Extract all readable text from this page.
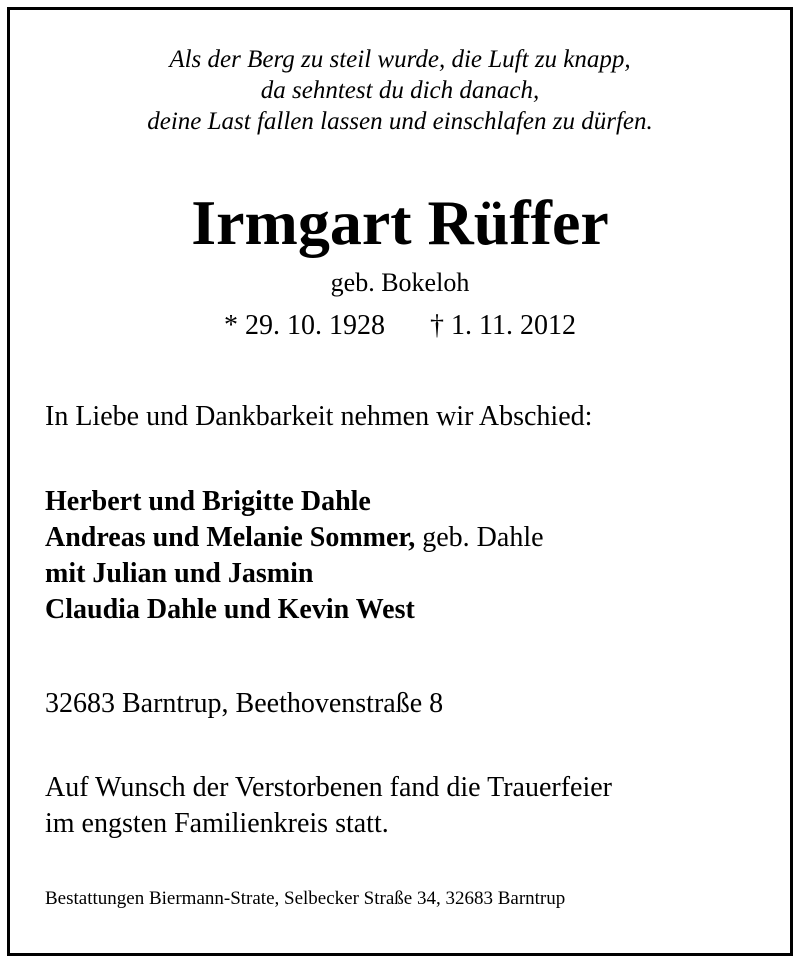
Als der Berg zu steil wurde, die Luft zu knapp,
da sehntest du dich danach,
deine Last fallen lassen und einschlafen zu dürfen.
Irmgart Rüffer
geb. Bokeloh
* 29. 10. 1928 † 1. 11. 2012
In Liebe und Dankbarkeit nehmen wir Abschied:
Herbert und Brigitte Dahle
Andreas und Melanie Sommer, geb. Dahle
mit Julian und Jasmin
Claudia Dahle und Kevin West
32683 Barntrup, Beethovenstraße 8
Auf Wunsch der Verstorbenen fand die Trauerfeier
im engsten Familienkreis statt.
Bestattungen Biermann-Strate, Selbecker Straße 34, 32683 Barntrup
